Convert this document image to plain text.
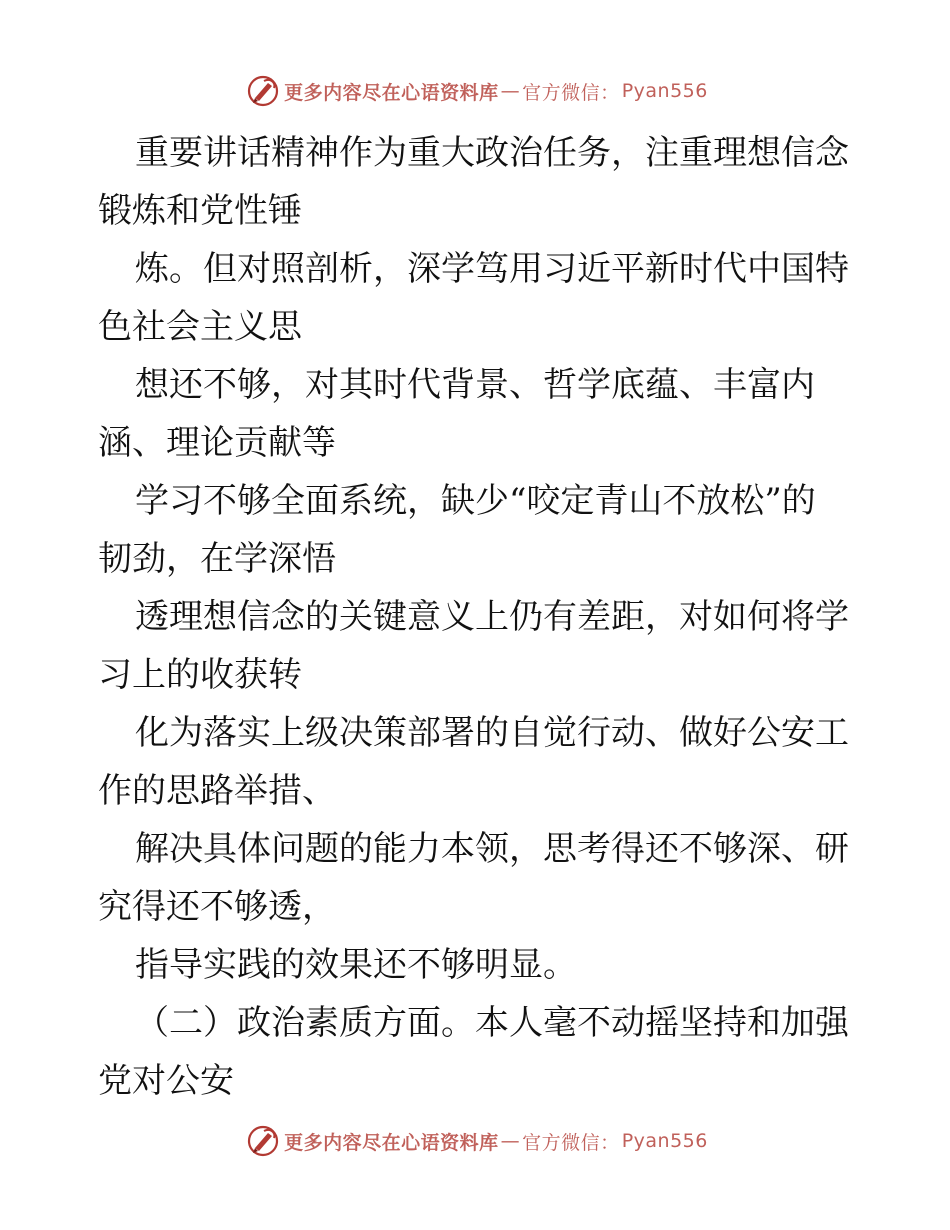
更多内容尽在心语资料库 — 官方微信： Pyan556

重要讲话精神作为重大政治任务，注重理想信念
锻炼和党性锤

炼。但对照剖析，深学笃用习近平新时代中国特
色社会主义思

想还不够，对其时代背景、哲学底蕴、丰富内
涵、理论贡献等

学习不够全面系统，缺少“咬定青山不放松”的
韧劲，在学深悟

透理想信念的关键意义上仍有差距，对如何将学
习上的收获转

化为落实上级决策部署的自觉行动、做好公安工
作的思路举措、

解决具体问题的能力本领，思考得还不够深、研
究得还不够透，

指导实践的效果还不够明显。

（二）政治素质方面。本人毫不动摇坚持和加强
党对公安

更多内容尽在心语资料库 — 官方微信： Pyan556
